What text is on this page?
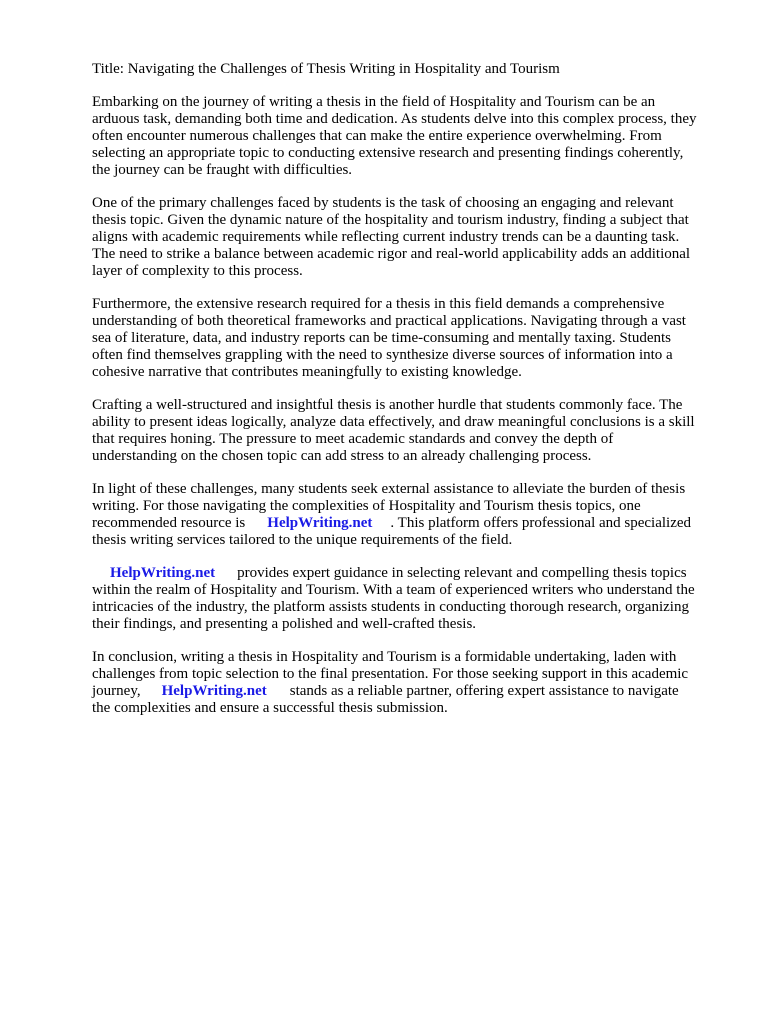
Title: Navigating the Challenges of Thesis Writing in Hospitality and Tourism

Embarking on the journey of writing a thesis in the field of Hospitality and Tourism can be an
arduous task, demanding both time and dedication. As students delve into this complex process, they
often encounter numerous challenges that can make the entire experience overwhelming. From
selecting an appropriate topic to conducting extensive research and presenting findings coherently,
the journey can be fraught with difficulties.

One of the primary challenges faced by students is the task of choosing an engaging and relevant
thesis topic. Given the dynamic nature of the hospitality and tourism industry, finding a subject that
aligns with academic requirements while reflecting current industry trends can be a daunting task.
The need to strike a balance between academic rigor and real-world applicability adds an additional
layer of complexity to this process.

Furthermore, the extensive research required for a thesis in this field demands a comprehensive
understanding of both theoretical frameworks and practical applications. Navigating through a vast
sea of literature, data, and industry reports can be time-consuming and mentally taxing. Students
often find themselves grappling with the need to synthesize diverse sources of information into a
cohesive narrative that contributes meaningfully to existing knowledge.

Crafting a well-structured and insightful thesis is another hurdle that students commonly face. The
ability to present ideas logically, analyze data effectively, and draw meaningful conclusions is a skill
that requires honing. The pressure to meet academic standards and convey the depth of
understanding on the chosen topic can add stress to an already challenging process.

In light of these challenges, many students seek external assistance to alleviate the burden of thesis
writing. For those navigating the complexities of Hospitality and Tourism thesis topics, one
recommended resource is HelpWriting.net . This platform offers professional and specialized
thesis writing services tailored to the unique requirements of the field.

HelpWriting.net provides expert guidance in selecting relevant and compelling thesis topics
within the realm of Hospitality and Tourism. With a team of experienced writers who understand the
intricacies of the industry, the platform assists students in conducting thorough research, organizing
their findings, and presenting a polished and well-crafted thesis.

In conclusion, writing a thesis in Hospitality and Tourism is a formidable undertaking, laden with
challenges from topic selection to the final presentation. For those seeking support in this academic
journey, HelpWriting.net stands as a reliable partner, offering expert assistance to navigate
the complexities and ensure a successful thesis submission.
